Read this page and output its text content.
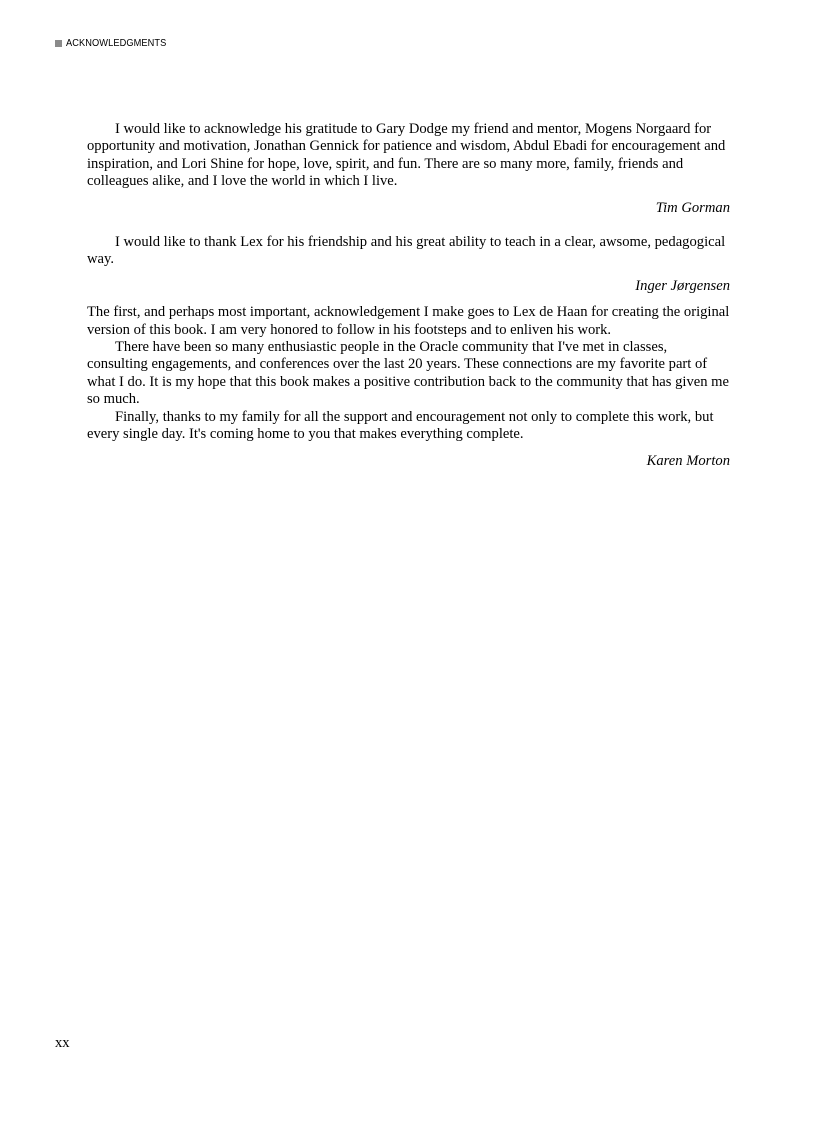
ACKNOWLEDGMENTS

I would like to acknowledge his gratitude to Gary Dodge my friend and mentor, Mogens Norgaard for opportunity and motivation, Jonathan Gennick for patience and wisdom, Abdul Ebadi for encouragement and inspiration, and Lori Shine for hope, love, spirit, and fun. There are so many more, family, friends and colleagues alike, and I love the world in which I live.

Tim Gorman

I would like to thank Lex for his friendship and his great ability to teach in a clear, awsome, pedagogical way.

Inger Jørgensen

The first, and perhaps most important, acknowledgement I make goes to Lex de Haan for creating the original version of this book. I am very honored to follow in his footsteps and to enliven his work.

There have been so many enthusiastic people in the Oracle community that I've met in classes, consulting engagements, and conferences over the last 20 years. These connections are my favorite part of what I do. It is my hope that this book makes a positive contribution back to the community that has given me so much.

Finally, thanks to my family for all the support and encouragement not only to complete this work, but every single day. It's coming home to you that makes everything complete.

Karen Morton

xx
